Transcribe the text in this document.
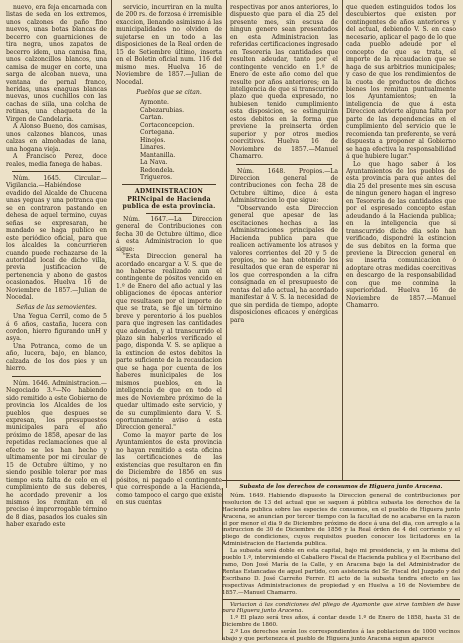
nuevo, era feja encarnada con listas de seda en los extremos, unos calzones de paño fino nuevos, unas botas blancas de becerro con guarniciones de tira negra, unos zapatos de becerro idem, una camisa fina, unos calzoncillos blancos, una camisa de muger en corte, una sarga de alcoban nueva, una ventana de pernal franco, heridas, unas enaguas blancas nuevas, unos cuchillos con las cachas de siila, una colcha de retinas, una chaqueta de la Virgen de Candelaria.

A Alonso Bueno, dos camisas, unos calzones blancos, unas calzas en almohadas de lana, una hogana vieja.

A Francisco Perez, doce reales, media fanega de habas.

Núm. 1645. Circular.—Vigilancia.—Habiéndose evadido del Alcalde de Chucena unas yeguas y una potranca que se en contraron pastando en dehesa de aquel termino, cuyas señas se expresaran, he mandado se haga publico en este periódico oficial, para que los alcaldes la concurrieren cuando puede rechazarse de la autoridad local de dicho villa, previa justificacion de pertenencia y abono de gastos ocasionados. Huelva 16 de Noviembre de 1857.—Julian de Nocedal.

Señas de las semovientes.

Una Yegua Cerril, como de 5 á 6 años, castaña, lucera con cordon, hierro figurando unH y asya.

Una Potranca, como de un año, lucera, bajo, en blanco, calzada de los dos pies y un hierro.

Núm. 1646. Administracion.—Negociado 3.º—No habiendo sido remitido a este Gobierno de provincia los Alcaldes de los pueblos que despues se expresan, los presupuestos municipales para el año próximo de 1858, apesar de las repetidas reclamaciones que al efecto se les han hecho y ultimamente por mi circular de 15 de Octubre último, y no siendo posible tolerar por mas tiempo esta falta de celo en el cumplimiento de sus deberes, he acordado prevenir a los mismos los remitan en el preciso é improrrogable término de 8 dias, pasados los cuales sin haber exarado este

servicio, incurriran en la multa de 200 rs. de forzosa é irremisible exaccion, llenando asimismo á las municipalidades no olviden de sujetarse en un todo a las disposiciones de la Real orden de 15 de Setiembre último, inserta en el Boletin oficial num. 116 del mismo mes. Huelva 16 de Noviembre de 1857.—Julian de Nocedal.

Pueblos que se citan.

Aymonte.
Cabezarubias.
Cartan.
Cortaconcepcion.
Cortegana.
Hinojos.
Linares.
Mantanilla.
La Nava.
Redondela.
Trigueros.

ADMINISTRACION PRINcipal de Hacienda publica de esta provincia.

Núm. 1647.—La Direccion general de Contribuciones con fecha 30 de Octubre último, dice á esta Administracion lo que sigue:

"Esta Direccion general ha acordado encargar a V. S. que de no haberse realizado aun el contingente de pósitos vencido en 1.º de Enero del año actual y las obligaciones de épocas anterior que resultasen por el importe de que se trata, se fije un término breve y perentorio á los pueblos para que ingresen las cantidades que adeudan, y al transcurrido el plazo sin haberlos verificado el pago, disponda V. S. se aplique a la extincion de estos debitos la parte suficiente de la recaudacion que se haga por cuenta de los haberes municipales de los mismos pueblos, en la inteligencia de que en todo el mes de Noviembre próximo de la quedar ultimado este servicio, y de su cumplimiento dara V. S. oportunamente aviso á esta Direccion general."

Como la mayor parte de los Ayuntamientos de esta provincia no hayan remitido a esta oficina las certificaciones de las existencias que resultaron en fin de Diciembre de 1856 en sus pósitos, ni pagado el contingente que corresponde a la Hacienda, como tampoco el cargo que existe en sus cuentas

respectivas por anos anteriores, lo dispuesto que para el dia 25 del presente mes, sin escusa de ningun genero sean presentados en esta Administracion las referidas certificaciones ingresado en Tesoreria las cantidades que resulten adeudar, tanto por el contingente vencido en 1.º de Enero de este año como del que resulte por años anteriores; en la inteligencia de que si transcurrido plazo que queda expresado, no hubiesen tenido cumplimiento esta disposicion, se estinguirán estos debitos en la forma que previene la preinserta órden superior y por otros medios coercitivos. Huelva 16 de Noviembre de 1857.—Manuel Chamarro.

Núm. 1648. Propios.—La Direccion general de contribuciones con fecha 28 de Octubre último, dice á esta Administracion lo que sigue:

"Observando esta Direccion general que apesar de las escitaciones hechas a las Administraciones principales de Hacienda publica para que realicen activamente los atrasos y valores corrientes del 20 y 5 de propios, no se han obtenido los resultados que eran de esperar ni los que corresponden a la cifra consignada en el presupuesto de rentas del año actual, ha acordado manifestar á V. S. la necesidad de que sin perdida de tiempo, adopte disposiciones eficaces y enérgicas para

que queden estinguidos todos los descubiertos que existen por contingentes de años anteriores y del actual, debiendo V. S. en caso necesario, aplicar el pago de lo que cada pueblo adeude por el concepto de que se trata, el importe de la recaudacion que se haga de sus arbitrios municipales; y caso de que los rendimientos de la cuota de productos de dichos bienes los remitan puntualmente los Ayuntamientos; en la inteligencia de que á esta Direccion advierte alguna falta por parte de las dependencias en el cumplimiento del servicio que le recomienda tan preferente, se verá dispuesta a proponer al Gobierno se haga efectiva la responsabilidad á que hubiere lugar."

Lo que hago saber á los Ayuntamientos de los pueblos de esta provincia para que antes del dia 25 del presente mes sin escusa de ningun genero hagan el ingreso en Tesoreria de las cantidades que por el espresado concepto estan adeudando á la Hacienda publica; en la inteligencia que si transcurrido dicho dia solo han verificado, dispondré la estincion de sus debitos en la forma que previene la Direccion general en su inserta comunicacion ó adoptare otras medidas coercitivas en descargo de la responsabilidad con que me conmina la superioridad. Huelva 16 de Noviembre de 1857.—Manuel Chamarro.

Subasta de los derechos de consumos de Higuera junto Aracena.

Núm. 1649. Habiendo dispuesto la Direccion general de contribuciones por resolucion de 13 del actual que se saquen á pública subasta los derechos de la Hacienda publica sobre las especies de consumos, en el pueblo de Higuera junto Aracena, se anuncian por tercer tiempo con la facultad de no acabarse en la razon el por menor el dia 9 de Diciembre próximo de doce á una del dia, con arreglo a la instruccion de 30 de Diciembre de 1856 y la Real órden de 4 del corriente y el pliego de condiciones, cuyos requisitos pueden conocer los licitadores en la Administracion de Hacienda publica.

La subasta será doble en esta capital, bajo mi presidencia, y en la misma del pueblo 1.º, interviniendo el Caballero Fiscal de Hacienda publica y el Escribano del ramo, Don José María de la Calle, y en Aracena bajo la del Administrador de Rentas Estancadas de aquel partido, con asistencia del Sr. Fiscal del Juzgado y del Escribano D. José Carreño Ferrer. El acto de la subasta tendra efecto en las respectivas Administraciones de propiedad y en Huelva a 16 de Noviembre de 1857.—Manuel Chamarro.

Variacion á las condiciones del pliego de Ayamonte que sirve tambien de base para Higuera junto Aracena.

1.º El plazo será tres años, á contar desde 1.º de Enero de 1858, hasta 31 de Diciembre de 1860.

2.º Los derechos serán los correspondientes á las poblaciones de 1000 vecinos abajo y que pertenezca el pueblo de Higuera junto Aracena segun aparece
